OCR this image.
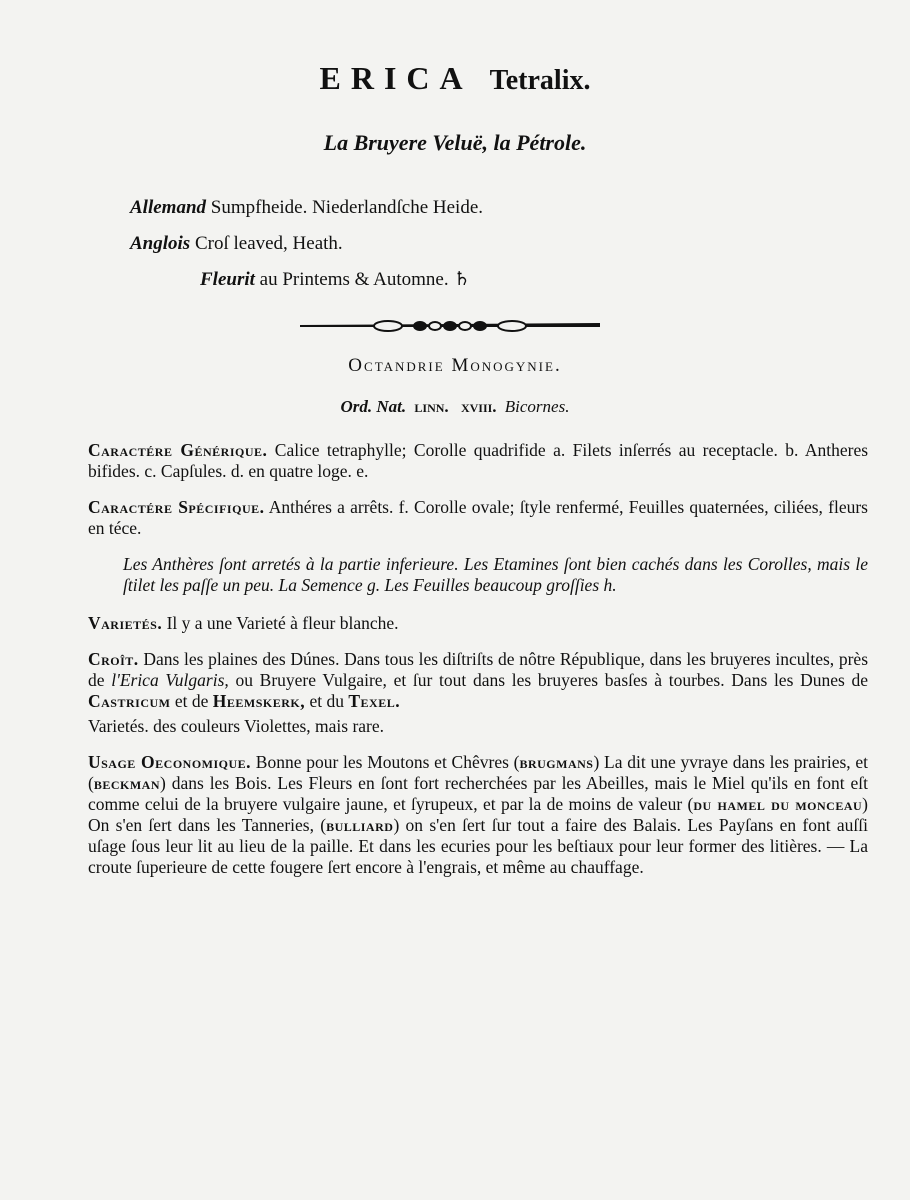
ERICA Tetralix.
La Bruyere Veluë, la Pétrole.
Allemand Sumpfheide. Niederlandſche Heide.
Anglois Croſ leaved, Heath.
Fleurit au Printems & Automne. ♄
Octandrie Monogynie.
Ord. Nat. linn. xviii. Bicornes.

Caractére Générique. Calice tetraphylle; Corolle quadrifide a. Filets inſerrés au receptacle. b. Antheres bifides. c. Capſules. d. en quatre loge. e.

Caractére Spécifique. Anthéres a arrêts. f. Corolle ovale; ſtyle renfermé, Feuilles quaternées, ciliées, fleurs en téce.

Les Anthères ſont arretés à la partie inferieure. Les Etamines ſont bien cachés dans les Corolles, mais le ſtilet les paſſe un peu. La Semence g. Les Feuilles beaucoup groſſies h.

Varietés. Il y a une Varieté à fleur blanche.

Croît. Dans les plaines des Dúnes. Dans tous les diſtriſts de nôtre République, dans les bruyeres incultes, près de l'Erica Vulgaris, ou Bruyere Vulgaire, et ſur tout dans les bruyeres basſes à tourbes. Dans les Dunes de Castricum et de Heemskerk, et du Texel.

Varietés. des couleurs Violettes, mais rare.

Usage Oeconomique. Bonne pour les Moutons et Chêvres (brugmans) La dit une yvraye dans les prairies, et (beckman) dans les Bois. Les Fleurs en ſont fort recherchées par les Abeilles, mais le Miel qu'ils en font eſt comme celui de la bruyere vulgaire jaune, et ſyrupeux, et par la de moins de valeur (du hamel du monceau) On s'en ſert dans les Tanneries, (bulliard) on s'en ſert ſur tout a faire des Balais. Les Payſans en font auſſi uſage ſous leur lit au lieu de la paille. Et dans les ecuries pour les beſtiaux pour leur former des litières. — La croute ſuperieure de cette fougere ſert encore à l'engrais, et même au chauffage.
